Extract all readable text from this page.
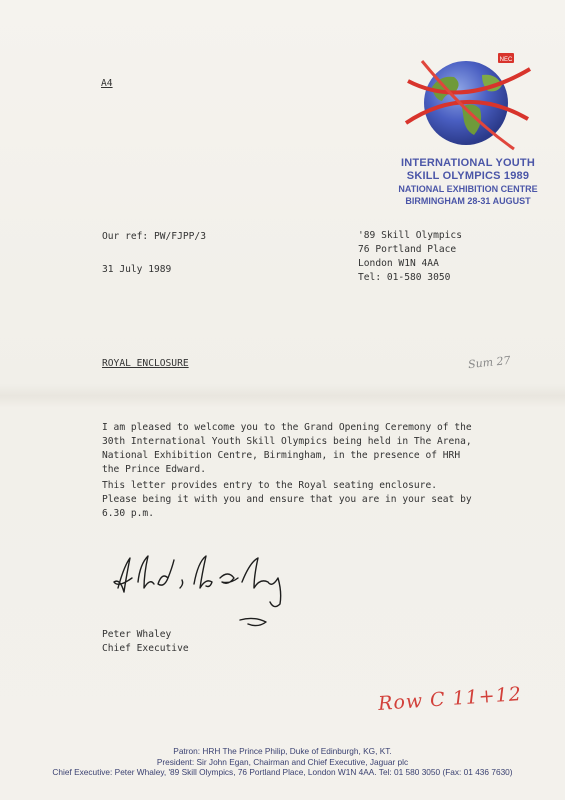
A4
NEC
INTERNATIONAL YOUTH
SKILL OLYMPICS 1989
NATIONAL EXHIBITION CENTRE
BIRMINGHAM 28-31 AUGUST
Our ref: PW/FJPP/3
31 July 1989
'89 Skill Olympics
76 Portland Place
London W1N 4AA
Tel: 01-580 3050
ROYAL ENCLOSURE	Sum 27
I am pleased to welcome you to the Grand Opening Ceremony of the
30th International Youth Skill Olympics being held in The Arena,
National Exhibition Centre, Birmingham, in the presence of HRH
the Prince Edward.
This letter provides entry to the Royal seating enclosure.
Please being it with you and ensure that you are in your seat by
6.30 p.m.
Peter Whaley
Chief Executive
Row C 11+12
Patron: HRH The Prince Philip, Duke of Edinburgh, KG, KT.
President: Sir John Egan, Chairman and Chief Executive, Jaguar plc
Chief Executive: Peter Whaley, '89 Skill Olympics, 76 Portland Place, London W1N 4AA. Tel: 01 580 3050 (Fax: 01 436 7630)
